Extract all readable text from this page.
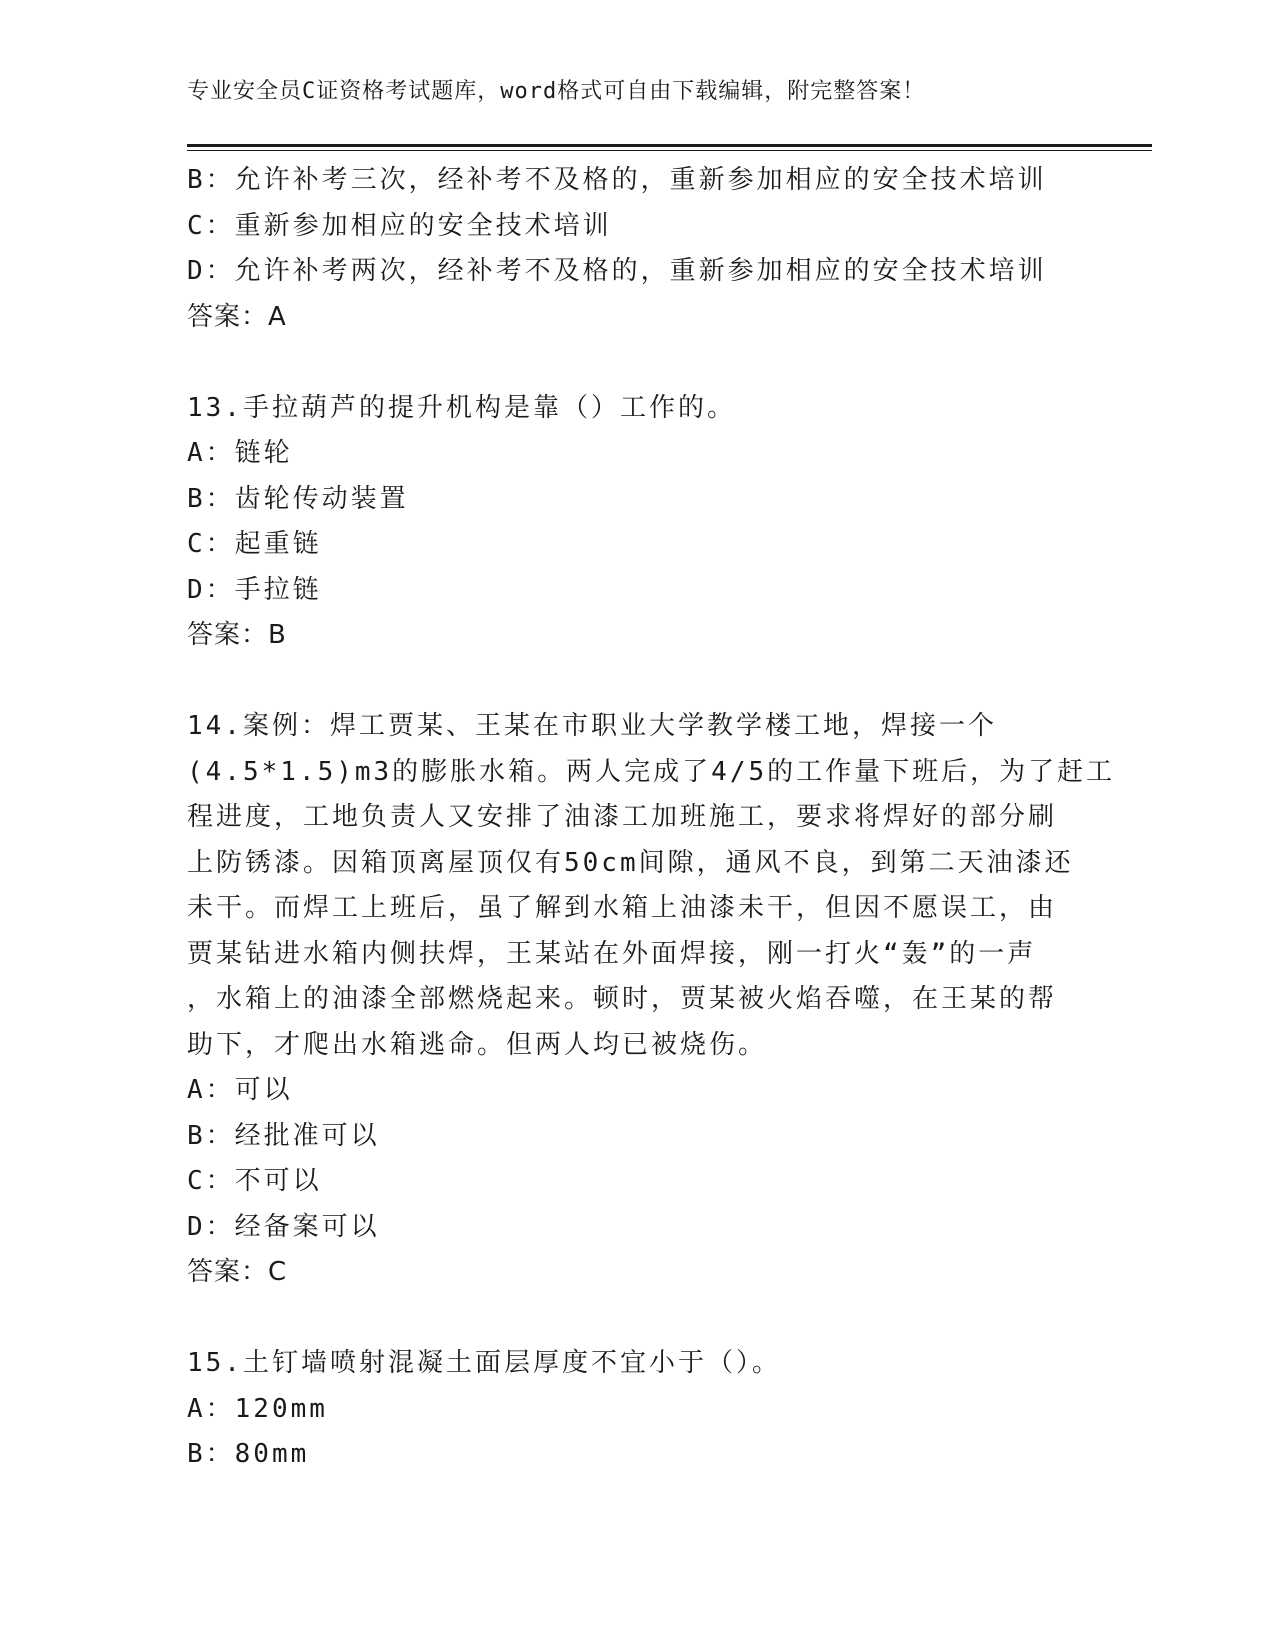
专业安全员C证资格考试题库，word格式可自由下载编辑，附完整答案！
B：允许补考三次，经补考不及格的，重新参加相应的安全技术培训
C：重新参加相应的安全技术培训
D：允许补考两次，经补考不及格的，重新参加相应的安全技术培训
答案：A
13.手拉葫芦的提升机构是靠（）工作的。
A：链轮
B：齿轮传动装置
C：起重链
D：手拉链
答案：B
14.案例：焊工贾某、王某在市职业大学教学楼工地，焊接一个
(4.5*1.5)m3的膨胀水箱。两人完成了4/5的工作量下班后，为了赶工
程进度，工地负责人又安排了油漆工加班施工，要求将焊好的部分刷
上防锈漆。因箱顶离屋顶仅有50cm间隙，通风不良，到第二天油漆还
未干。而焊工上班后，虽了解到水箱上油漆未干，但因不愿误工，由
贾某钻进水箱内侧扶焊，王某站在外面焊接，刚一打火“轰”的一声
，水箱上的油漆全部燃烧起来。顿时，贾某被火焰吞噬，在王某的帮
助下，才爬出水箱逃命。但两人均已被烧伤。
A：可以
B：经批准可以
C：不可以
D：经备案可以
答案：C
15.土钉墙喷射混凝土面层厚度不宜小于（）。
A：120mm
B：80mm
